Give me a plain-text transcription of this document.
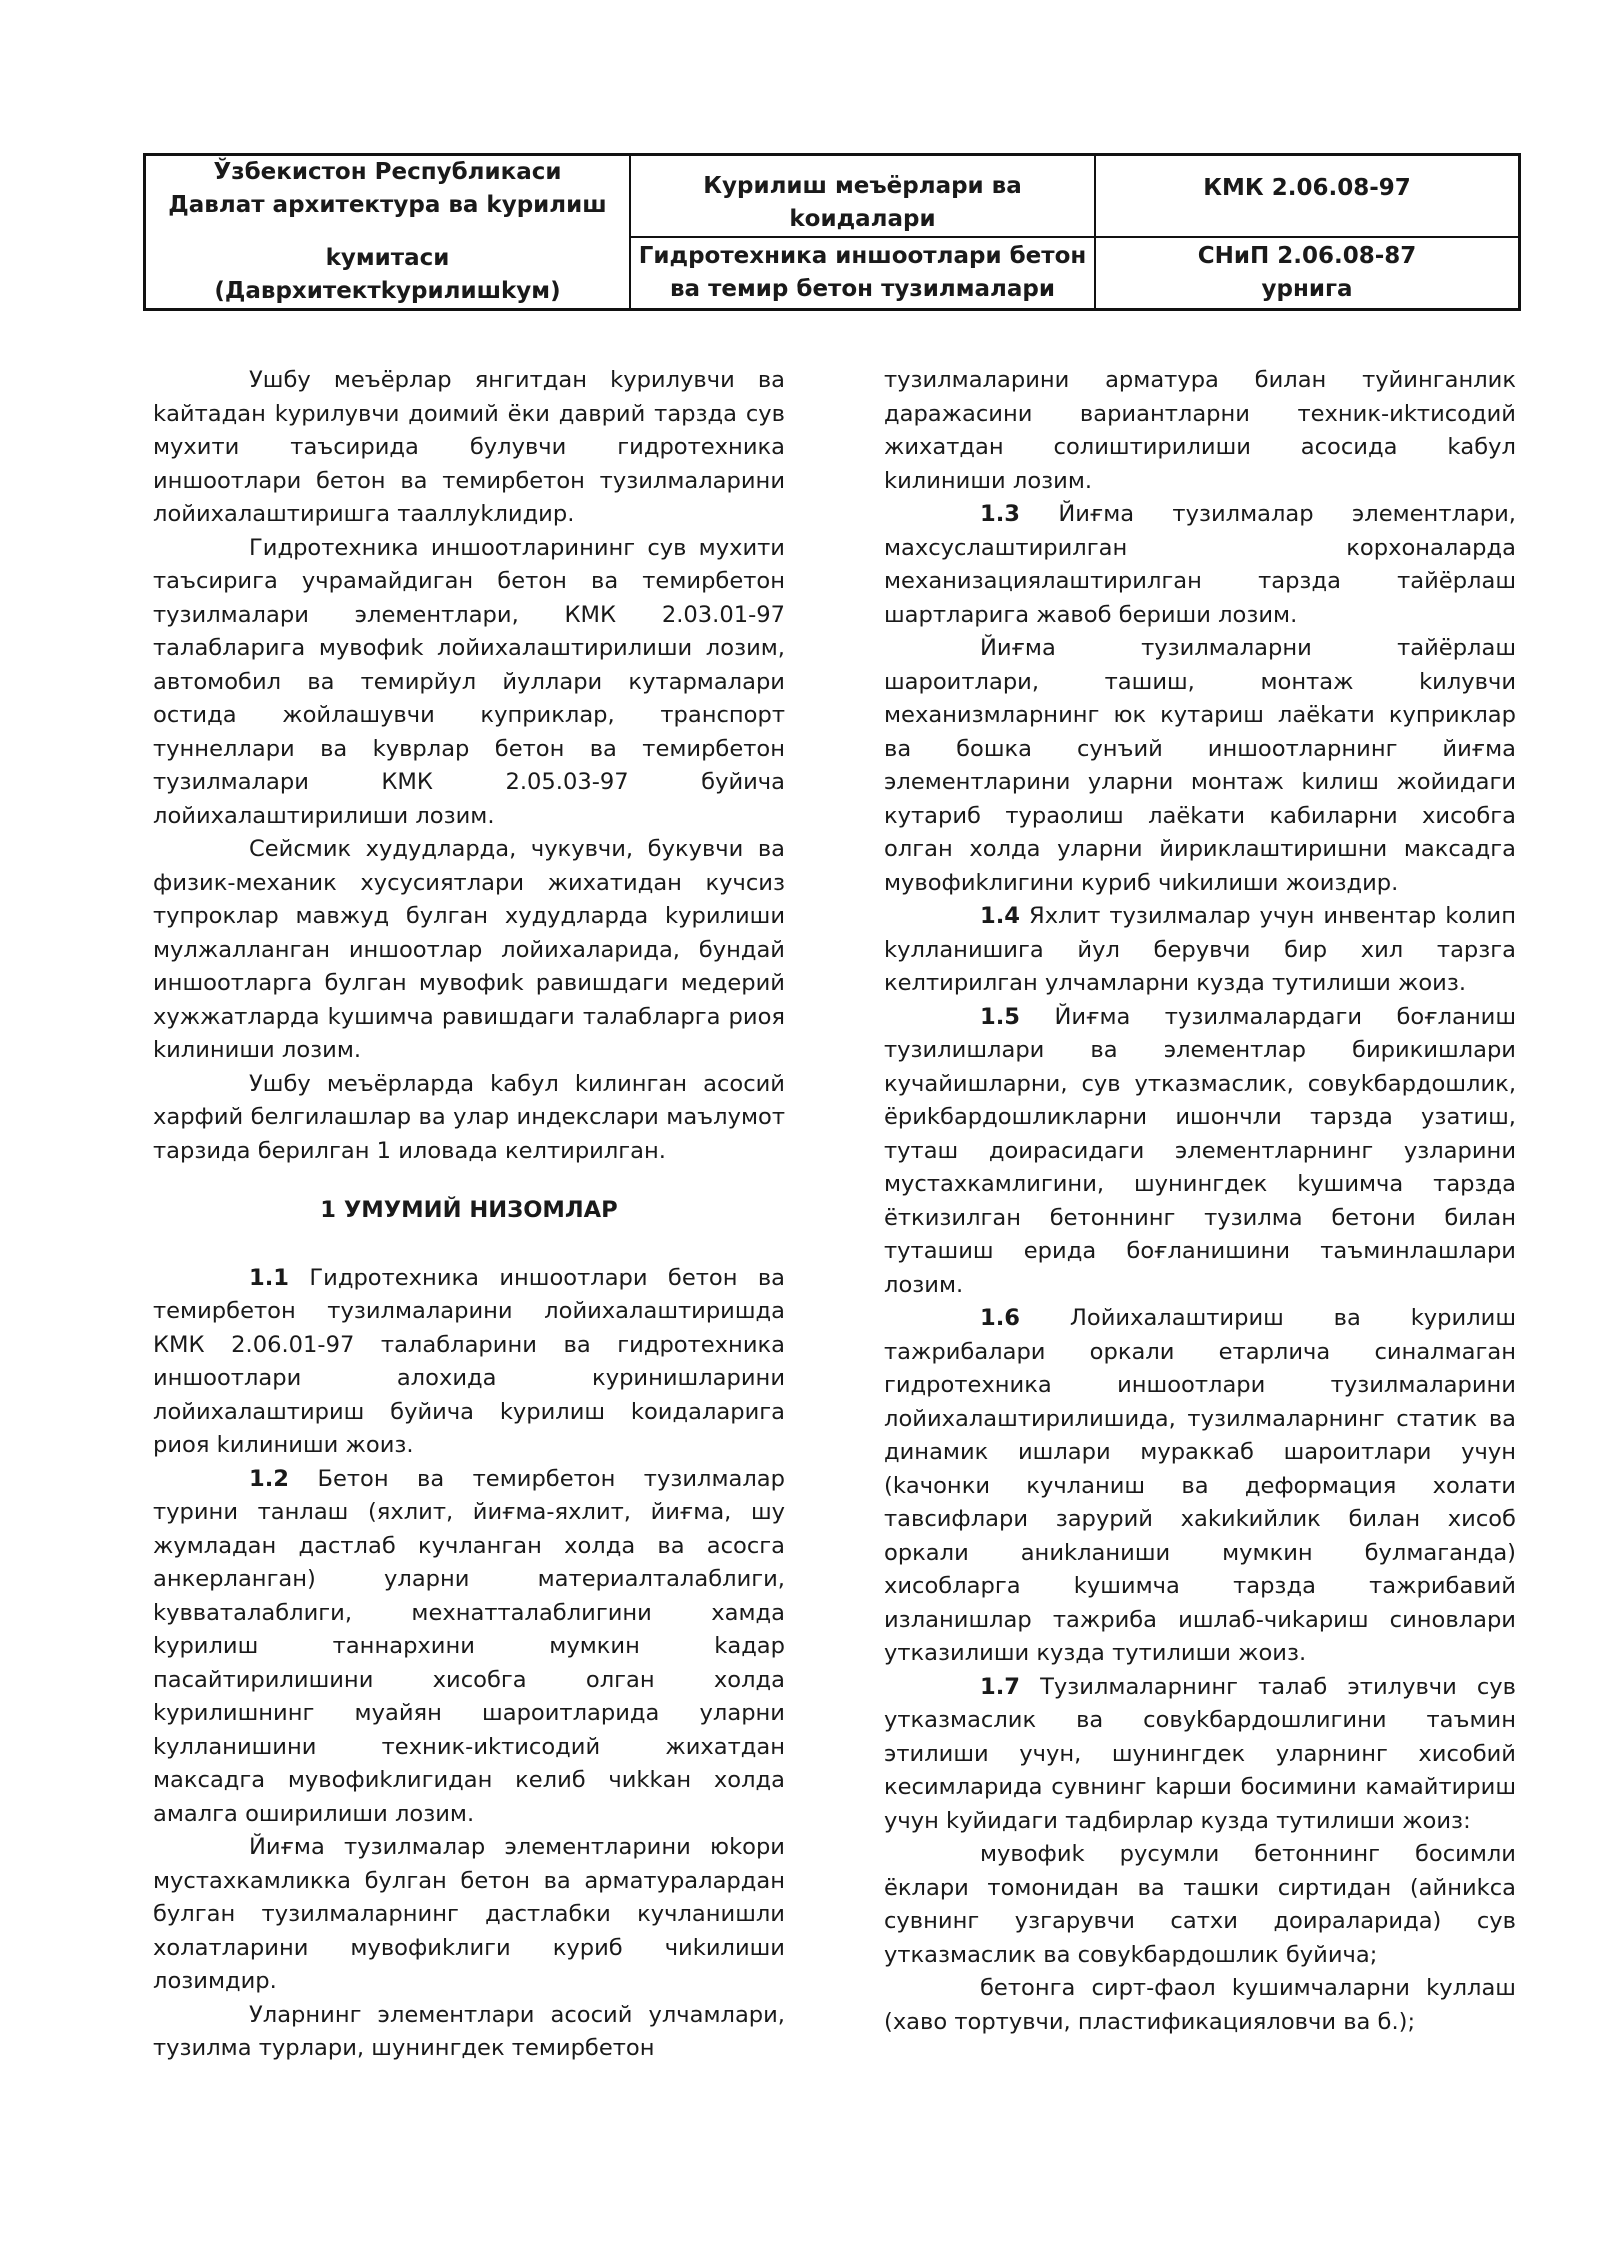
Ўзбекистон Республикаси
Давлат архитектура ва kурилиш
kумитаси
(Даврхитектkурилишkум)
Курилиш меъёрлари ва
kоидалари
КМК 2.06.08-97
Гидротехника иншоотлари бетон
ва темир бетон тузилмалари
СНиП 2.06.08-87
урнига

Ушбу меъёрлар янгитдан kурилувчи ва kайтадан kурилувчи доимий ёки даврий тарзда сув мухити таъсирида булувчи гидротехника иншоотлари бетон ва темирбетон тузилмаларини лойихалаштиришга тааллуkлидир.

Гидротехника иншоотларининг сув мухити таъсирига учрамайдиган бетон ва темирбетон тузилмалари элементлари, КМК 2.03.01-97 талабларига мувофиk лойихалаштирилиши лозим, автомобил ва темирйул йуллари кутармалари остида жойлашувчи куприклар, транспорт туннеллари ва kуврлар бетон ва темирбетон тузилмалари КМК 2.05.03-97 буйича лойихалаштирилиши лозим.

Сейсмик худудларда, чукувчи, букувчи ва физик-механик хусусиятлари жихатидан кучсиз тупроклар мавжуд булган худудларда kурилиши мулжалланган иншоотлар лойихаларида, бундай иншоотларга булган мувофиk равишдаги медерий хужжатларда kушимча равишдаги талабларга риоя kилиниши лозим.

Ушбу меъёрларда kабул kилинган асосий харфий белгилашлар ва улар индекслари маълумот тарзида берилган 1 иловада келтирилган.

1 УМУМИЙ НИЗОМЛАР

1.1 Гидротехника иншоотлари бетон ва темирбетон тузилмаларини лойихалаштиришда КМК 2.06.01-97 талабларини ва гидротехника иншоотлари алохида куринишларини лойихалаштириш буйича kурилиш kоидаларига риоя kилиниши жоиз.

1.2 Бетон ва темирбетон тузилмалар турини танлаш (яхлит, йиғма-яхлит, йиғма, шу жумладан дастлаб кучланган холда ва асосга анкерланган) уларни материалталаблиги, kувваталаблиги, мехнатталаблигини хамда kурилиш таннархини мумкин kадар пасайтирилишини хисобга олган холда kурилишнинг муайян шароитларида уларни kулланишини техник-иkтисодий жихатдан максадга мувофиkлигидан келиб чиkkан холда амалга оширилиши лозим.

Йиғма тузилмалар элементларини юkори мустахкамликка булган бетон ва арматуралардан булган тузилмаларнинг дастлабки кучланишли холатларини мувофиkлиги куриб чиkилиши лозимдир.

Уларнинг элементлари асосий улчамлари, тузилма турлари, шунингдек темирбетон

тузилмаларини арматура билан туйинганлик даражасини вариантларни техник-иkтисодий жихатдан солиштирилиши асосида kабул kилиниши лозим.

1.3 Йиғма тузилмалар элементлари, махсуслаштирилган корхоналарда механизациялаштирилган тарзда тайёрлаш шартларига жавоб бериши лозим.

Йиғма тузилмаларни тайёрлаш шароитлари, ташиш, монтаж kилувчи механизмларнинг юк кутариш лаёkати куприклар ва бошка сунъий иншоотларнинг йиғма элементларини уларни монтаж kилиш жойидаги кутариб тураолиш лаёkати кабиларни хисобга олган холда уларни йириклаштиришни максадга мувофиkлигини куриб чиkилиши жоиздир.

1.4 Яхлит тузилмалар учун инвентар kолип kулланишига йул берувчи бир хил тарзга келтирилган улчамларни кузда тутилиши жоиз.

1.5 Йиғма тузилмалардаги боғланиш тузилишлари ва элементлар бирикишлари кучайишларни, сув утказмаслик, совуkбардошлик, ёриkбардошликларни ишончли тарзда узатиш, туташ доирасидаги элементларнинг узларини мустахкамлигини, шунингдек kушимча тарзда ёткизилган бетоннинг тузилма бетони билан туташиш ерида боғланишини таъминлашлари лозим.

1.6 Лойихалаштириш ва kурилиш тажрибалари оркали етарлича синалмаган гидротехника иншоотлари тузилмаларини лойихалаштирилишида, тузилмаларнинг статик ва динамик ишлари мураккаб шароитлари учун (kачонки кучланиш ва деформация холати тавсифлари зарурий хаkиkийлик билан хисоб оркали аниkланиши мумкин булмаганда) хисобларга kушимча тарзда тажрибавий изланишлар тажриба ишлаб-чиkариш синовлари утказилиши кузда тутилиши жоиз.

1.7 Тузилмаларнинг талаб этилувчи сув утказмаслик ва совуkбардошлигини таъмин этилиши учун, шунингдек уларнинг хисобий кесимларида сувнинг kарши босимини камайтириш учун kуйидаги тадбирлар кузда тутилиши жоиз:

мувофиk русумли бетоннинг босимли ёклари томонидан ва ташки сиртидан (айниkса сувнинг узгарувчи сатхи доираларида) сув утказмаслик ва совуkбардошлик буйича;

бетонга сирт-фаол kушимчаларни kуллаш (хаво тортувчи, пластификацияловчи ва б.);
